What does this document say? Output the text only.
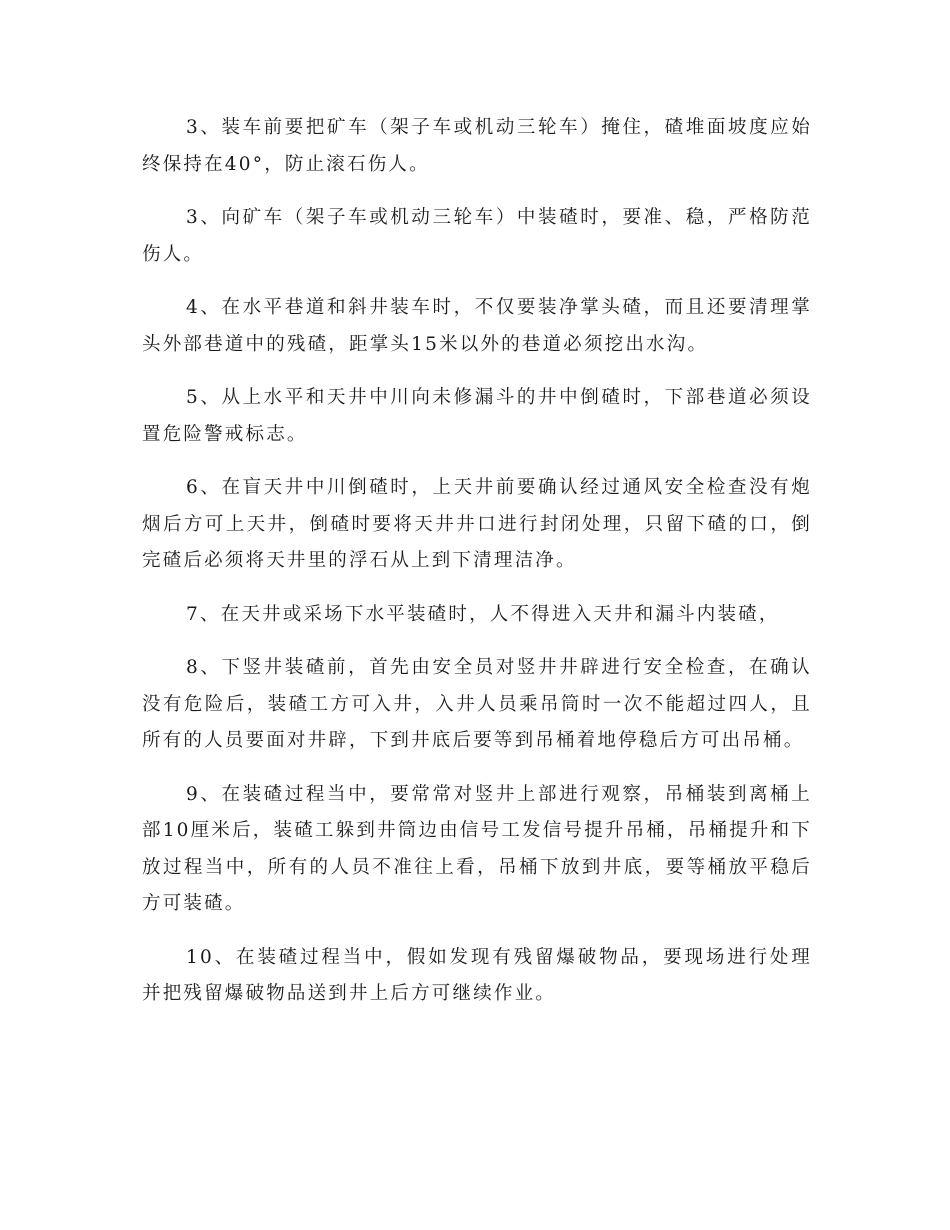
3、装车前要把矿车（架子车或机动三轮车）掩住，碴堆面坡度应始终保持在40°，防止滚石伤人。

3、向矿车（架子车或机动三轮车）中装碴时，要准、稳，严格防范伤人。

4、在水平巷道和斜井装车时，不仅要装净掌头碴，而且还要清理掌头外部巷道中的残碴，距掌头15米以外的巷道必须挖出水沟。

5、从上水平和天井中川向未修漏斗的井中倒碴时，下部巷道必须设置危险警戒标志。

6、在盲天井中川倒碴时，上天井前要确认经过通风安全检查没有炮烟后方可上天井，倒碴时要将天井井口进行封闭处理，只留下碴的口，倒完碴后必须将天井里的浮石从上到下清理洁净。

7、在天井或采场下水平装碴时，人不得进入天井和漏斗内装碴，

8、下竖井装碴前，首先由安全员对竖井井辟进行安全检查，在确认没有危险后，装碴工方可入井，入井人员乘吊筒时一次不能超过四人，且所有的人员要面对井辟，下到井底后要等到吊桶着地停稳后方可出吊桶。

9、在装碴过程当中，要常常对竖井上部进行观察，吊桶装到离桶上部10厘米后，装碴工躲到井筒边由信号工发信号提升吊桶，吊桶提升和下放过程当中，所有的人员不准往上看，吊桶下放到井底，要等桶放平稳后方可装碴。

10、在装碴过程当中，假如发现有残留爆破物品，要现场进行处理并把残留爆破物品送到井上后方可继续作业。
